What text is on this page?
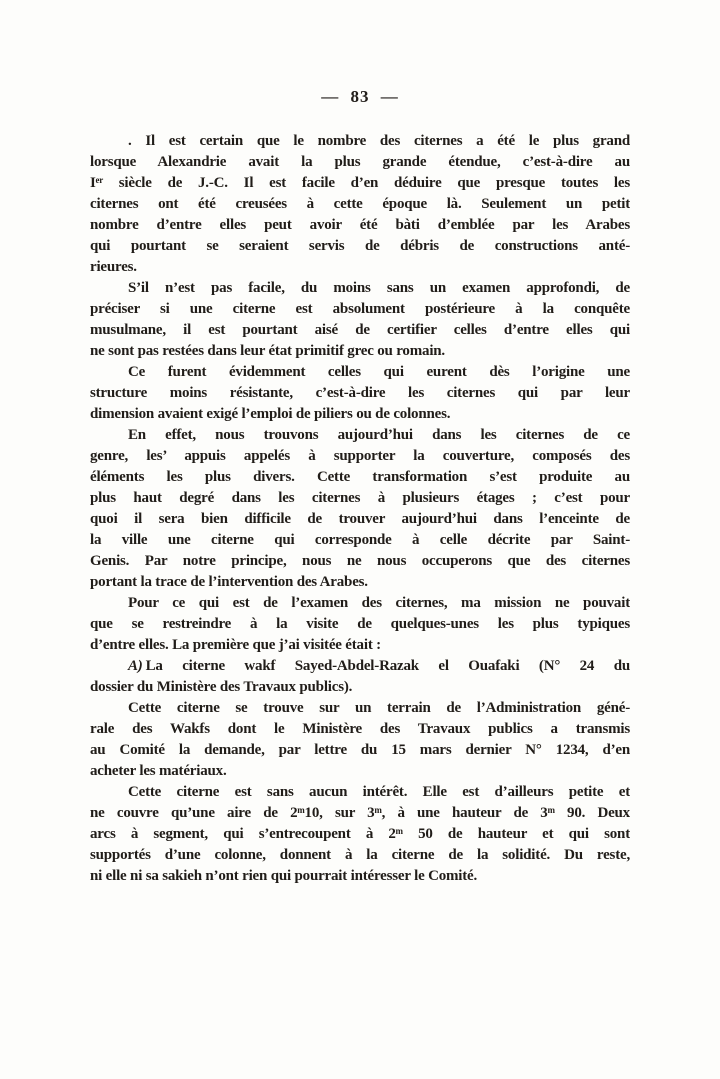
— 83 —
. Il est certain que le nombre des citernes a été le plus grand
lorsque Alexandrie avait la plus grande étendue, c’est-à-dire au
Iᵉʳ siècle de J.-C. Il est facile d’en déduire que presque toutes les
citernes ont été creusées à cette époque là. Seulement un petit
nombre d’entre elles peut avoir été bàti d’emblée par les Arabes
qui pourtant se seraient servis de débris de constructions anté-
rieures.
S’il n’est pas facile, du moins sans un examen approfondi, de
préciser si une citerne est absolument postérieure à la conquête
musulmane, il est pourtant aisé de certifier celles d’entre elles qui
ne sont pas restées dans leur état primitif grec ou romain.
Ce furent évidemment celles qui eurent dès l’origine une
structure moins résistante, c’est-à-dire les citernes qui par leur
dimension avaient exigé l’emploi de piliers ou de colonnes.
En effet, nous trouvons aujourd’hui dans les citernes de ce
genre, les’ appuis appelés à supporter la couverture, composés des
éléments les plus divers. Cette transformation s’est produite au
plus haut degré dans les citernes à plusieurs étages ; c’est pour
quoi il sera bien difficile de trouver aujourd’hui dans l’enceinte de
la ville une citerne qui corresponde à celle décrite par Saint-
Genis. Par notre principe, nous ne nous occuperons que des citernes
portant la trace de l’intervention des Arabes.
Pour ce qui est de l’examen des citernes, ma mission ne pouvait
que se restreindre à la visite de quelques-unes les plus typiques
d’entre elles. La première que j’ai visitée était :
A) La citerne wakf Sayed-Abdel-Razak el Ouafaki (N° 24 du
dossier du Ministère des Travaux publics).
Cette citerne se trouve sur un terrain de l’Administration géné-
rale des Wakfs dont le Ministère des Travaux publics a transmis
au Comité la demande, par lettre du 15 mars dernier N° 1234, d’en
acheter les matériaux.
Cette citerne est sans aucun intérêt. Elle est d’ailleurs petite et
ne couvre qu’une aire de 2ᵐ10, sur 3ᵐ, à une hauteur de 3ᵐ 90. Deux
arcs à segment, qui s’entrecoupent à 2ᵐ 50 de hauteur et qui sont
supportés d’une colonne, donnent à la citerne de la solidité. Du reste,
ni elle ni sa sakieh n’ont rien qui pourrait intéresser le Comité.
